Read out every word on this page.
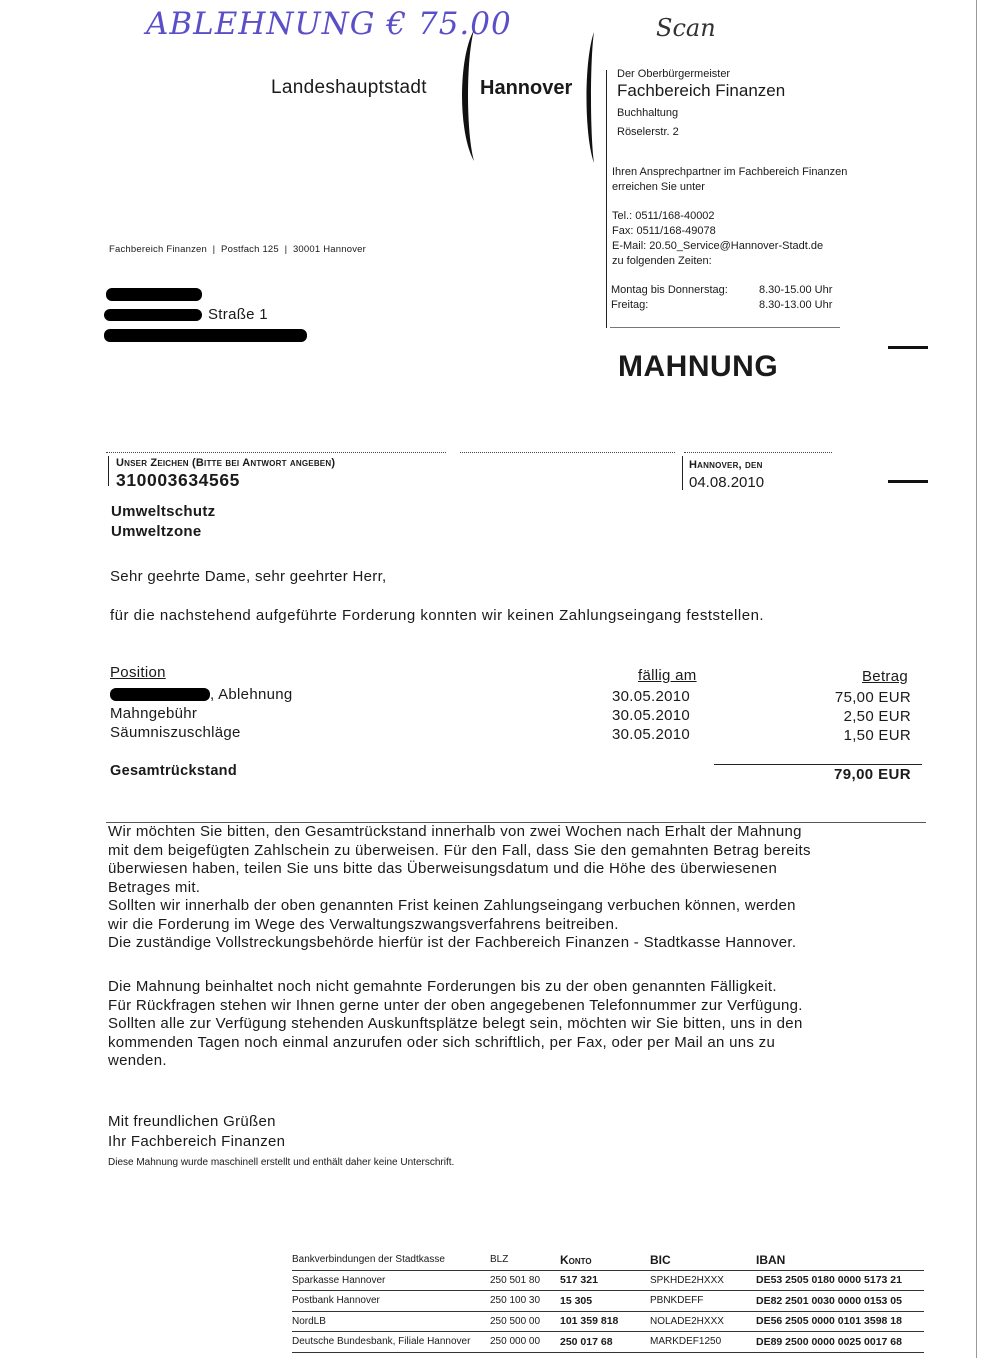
ABLEHNUNG € 75.00	Scan
Landeshauptstadt	Hannover
Der Oberbürgermeister
Fachbereich Finanzen
Buchhaltung
Röselerstr. 2
Ihren Ansprechpartner im Fachbereich Finanzen
erreichen Sie unter
Tel.: 0511/168-40002
Fax: 0511/168-49078
E-Mail: 20.50_Service@Hannover-Stadt.de
zu folgenden Zeiten:
Montag bis Donnerstag:	8.30-15.00 Uhr
Freitag:	8.30-13.00 Uhr
Fachbereich Finanzen  |  Postfach 125  |  30001 Hannover
Straße 1
MAHNUNG
Unser Zeichen (Bitte bei Antwort angeben)
310003634565
Hannover, den
04.08.2010
Umweltschutz
Umweltzone
Sehr geehrte Dame, sehr geehrter Herr,
für die nachstehend aufgeführte Forderung konnten wir keinen Zahlungseingang feststellen.
Position	fällig am	Betrag
, Ablehnung	30.05.2010	75,00 EUR
Mahngebühr	30.05.2010	2,50 EUR
Säumniszuschläge	30.05.2010	1,50 EUR
Gesamtrückstand	79,00 EUR
Wir möchten Sie bitten, den Gesamtrückstand innerhalb von zwei Wochen nach Erhalt der Mahnung
mit dem beigefügten Zahlschein zu überweisen. Für den Fall, dass Sie den gemahnten Betrag bereits
überwiesen haben, teilen Sie uns bitte das Überweisungsdatum und die Höhe des überwiesenen
Betrages mit.
Sollten wir innerhalb der oben genannten Frist keinen Zahlungseingang verbuchen können, werden
wir die Forderung im Wege des Verwaltungszwangsverfahrens beitreiben.
Die zuständige Vollstreckungsbehörde hierfür ist der Fachbereich Finanzen - Stadtkasse Hannover.
Die Mahnung beinhaltet noch nicht gemahnte Forderungen bis zu der oben genannten Fälligkeit.
Für Rückfragen stehen wir Ihnen gerne unter der oben angegebenen Telefonnummer zur Verfügung.
Sollten alle zur Verfügung stehenden Auskunftsplätze belegt sein, möchten wir Sie bitten, uns in den
kommenden Tagen noch einmal anzurufen oder sich schriftlich, per Fax, oder per Mail an uns zu
wenden.
Mit freundlichen Grüßen
Ihr Fachbereich Finanzen
Diese Mahnung wurde maschinell erstellt und enthält daher keine Unterschrift.
Bankverbindungen der Stadtkasse	BLZ	Konto	BIC	IBAN
Sparkasse Hannover	250 501 80	517 321	SPKHDE2HXXX	DE53 2505 0180 0000 5173 21
Postbank Hannover	250 100 30	15 305	PBNKDEFF	DE82 2501 0030 0000 0153 05
NordLB	250 500 00	101 359 818	NOLADE2HXXX	DE56 2505 0000 0101 3598 18
Deutsche Bundesbank, Filiale Hannover	250 000 00	250 017 68	MARKDEF1250	DE89 2500 0000 0025 0017 68
